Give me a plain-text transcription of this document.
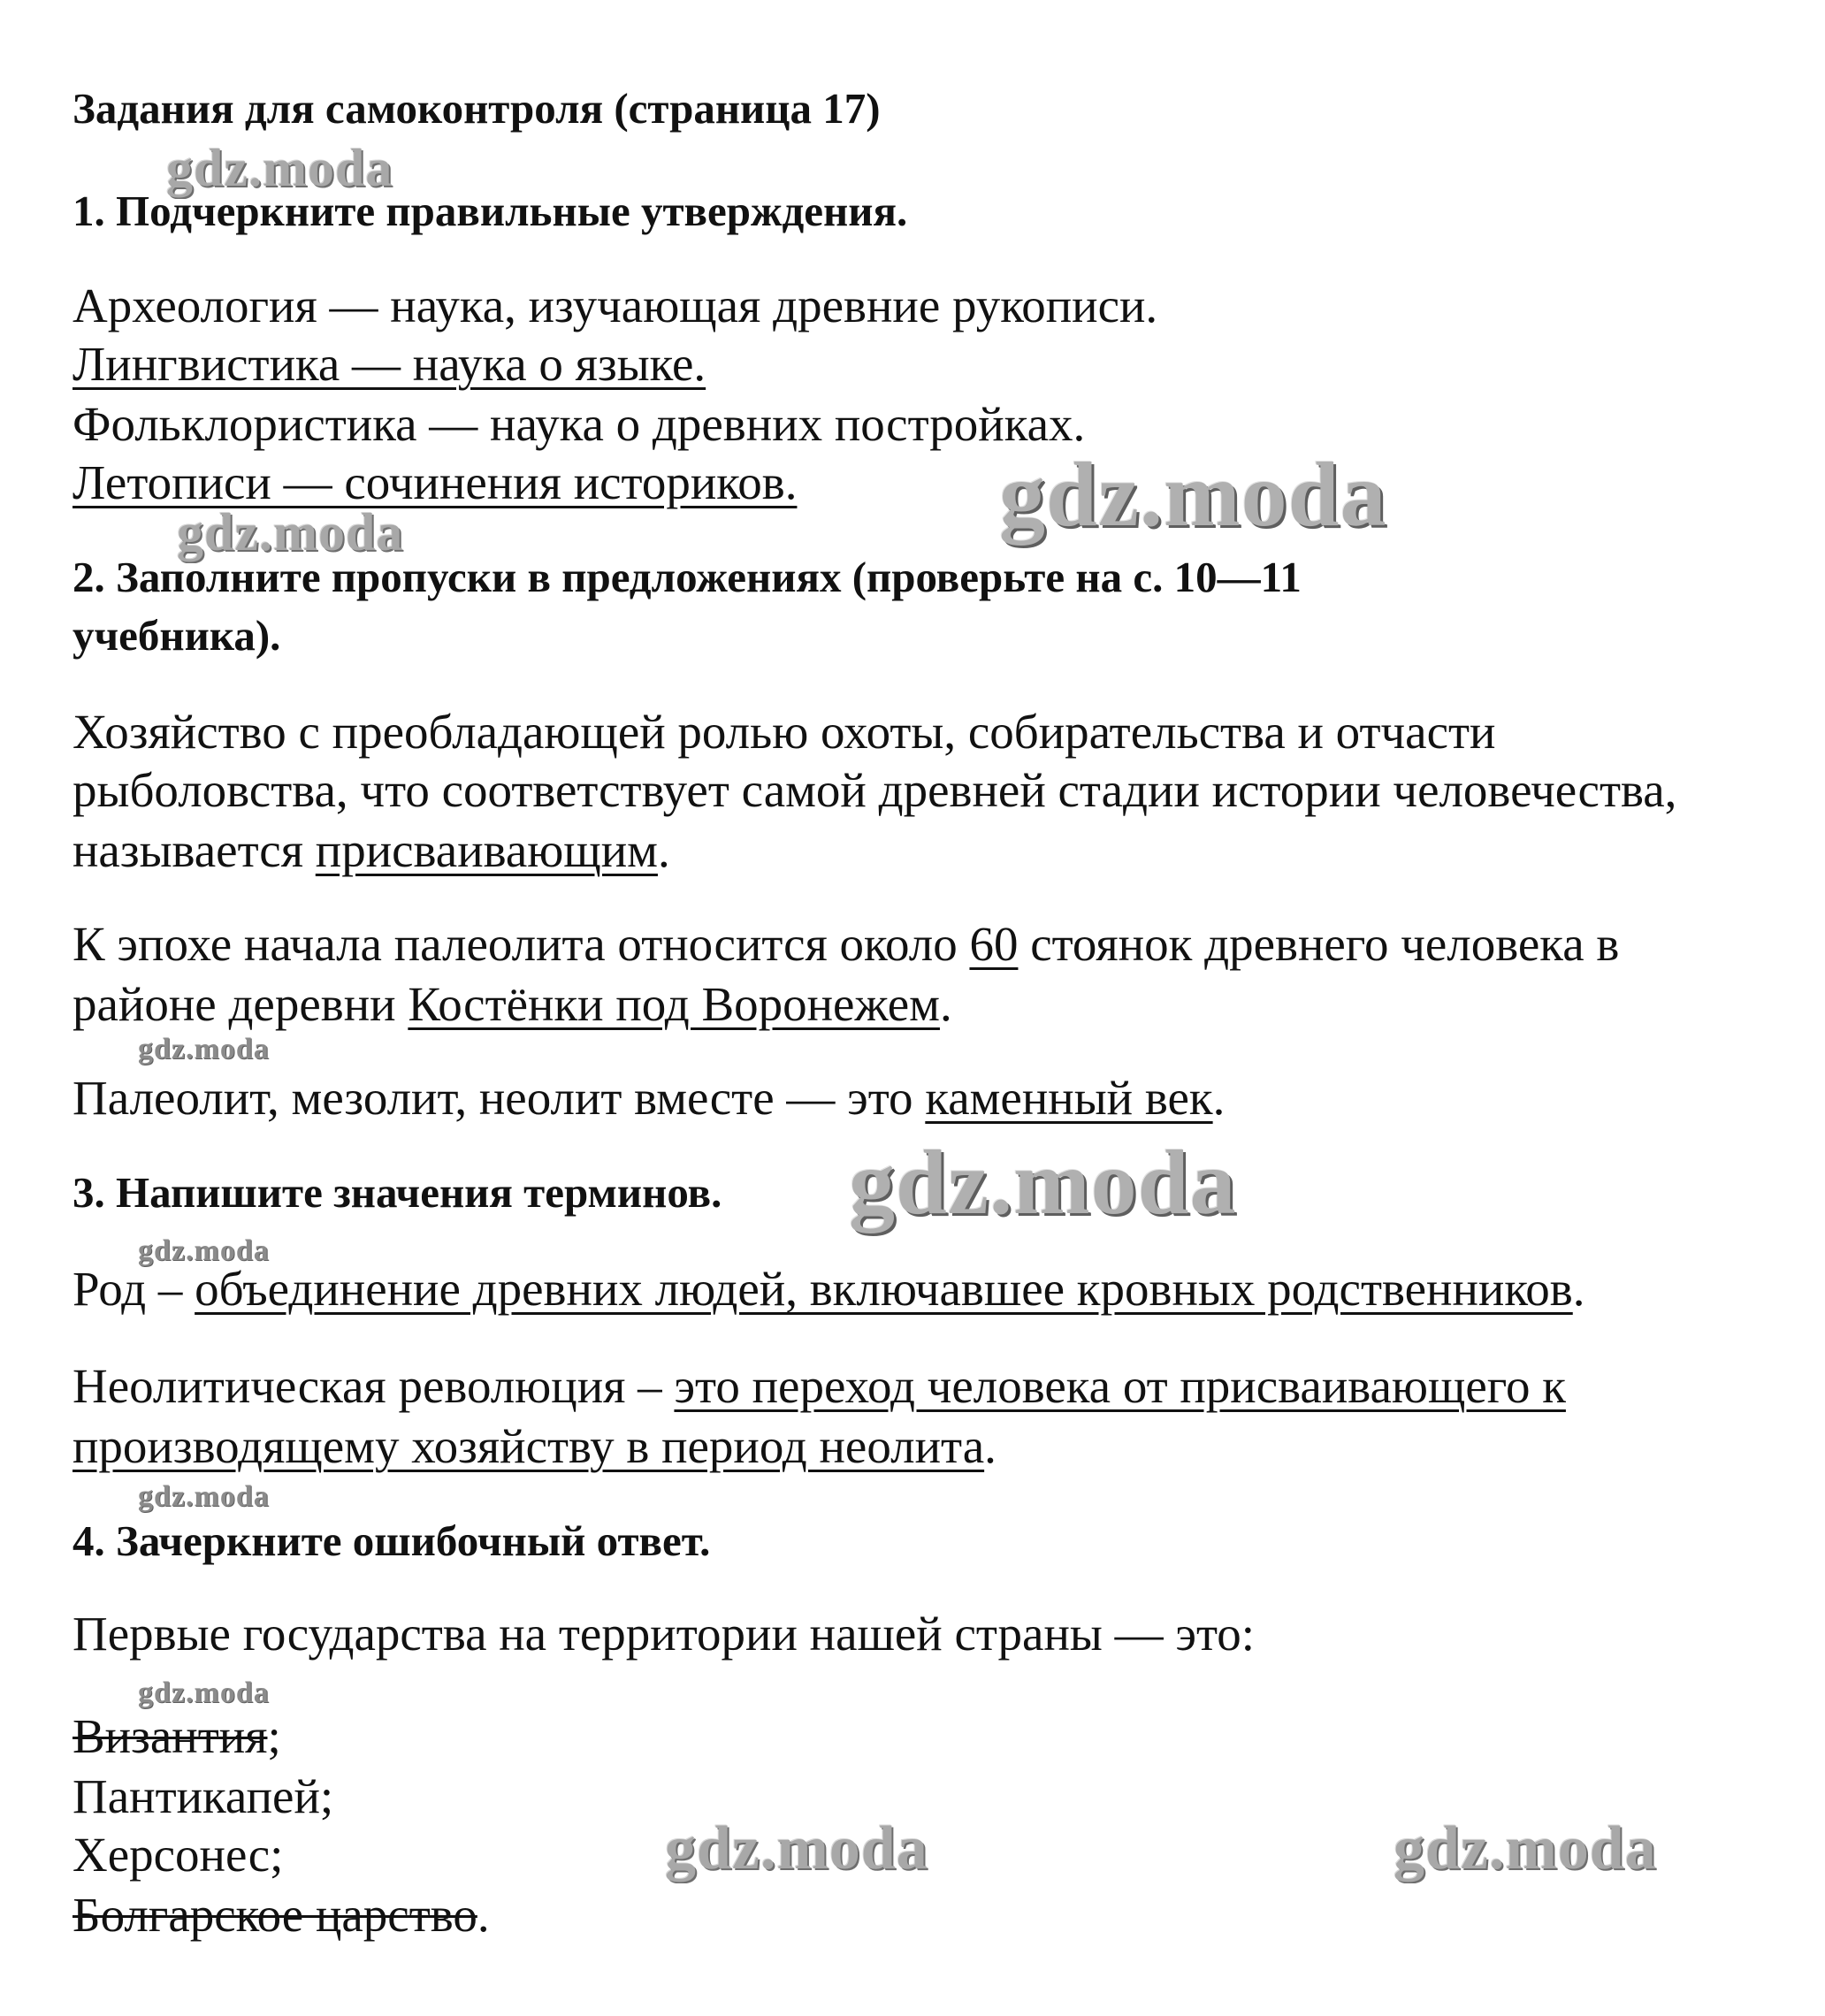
Задания для самоконтроля (страница 17)
1. Подчеркните правильные утверждения.
Археология — наука, изучающая древние рукописи.
Лингвистика — наука о языке.
Фольклористика — наука о древних постройках.
Летописи — сочинения историков.
2. Заполните пропуски в предложениях (проверьте на с. 10—11
учебника).
Хозяйство с преобладающей ролью охоты, собирательства и отчасти
рыболовства, что соответствует самой древней стадии истории человечества,
называется присваивающим.
К эпохе начала палеолита относится около 60 стоянок древнего человека в
районе деревни Костёнки под Воронежем.
Палеолит, мезолит, неолит вместе — это каменный век.
3. Напишите значения терминов.
Род – объединение древних людей, включавшее кровных родственников.
Неолитическая революция – это переход человека от присваивающего к
производящему хозяйству в период неолита.
4. Зачеркните ошибочный ответ.
Первые государства на территории нашей страны — это:
Византия;
Пантикапей;
Херсонес;
Болгарское царство.
gdz.moda
gdz.moda
gdz.moda
gdz.moda
gdz.moda
gdz.moda
gdz.moda
gdz.moda
gdz.moda	gdz.moda
